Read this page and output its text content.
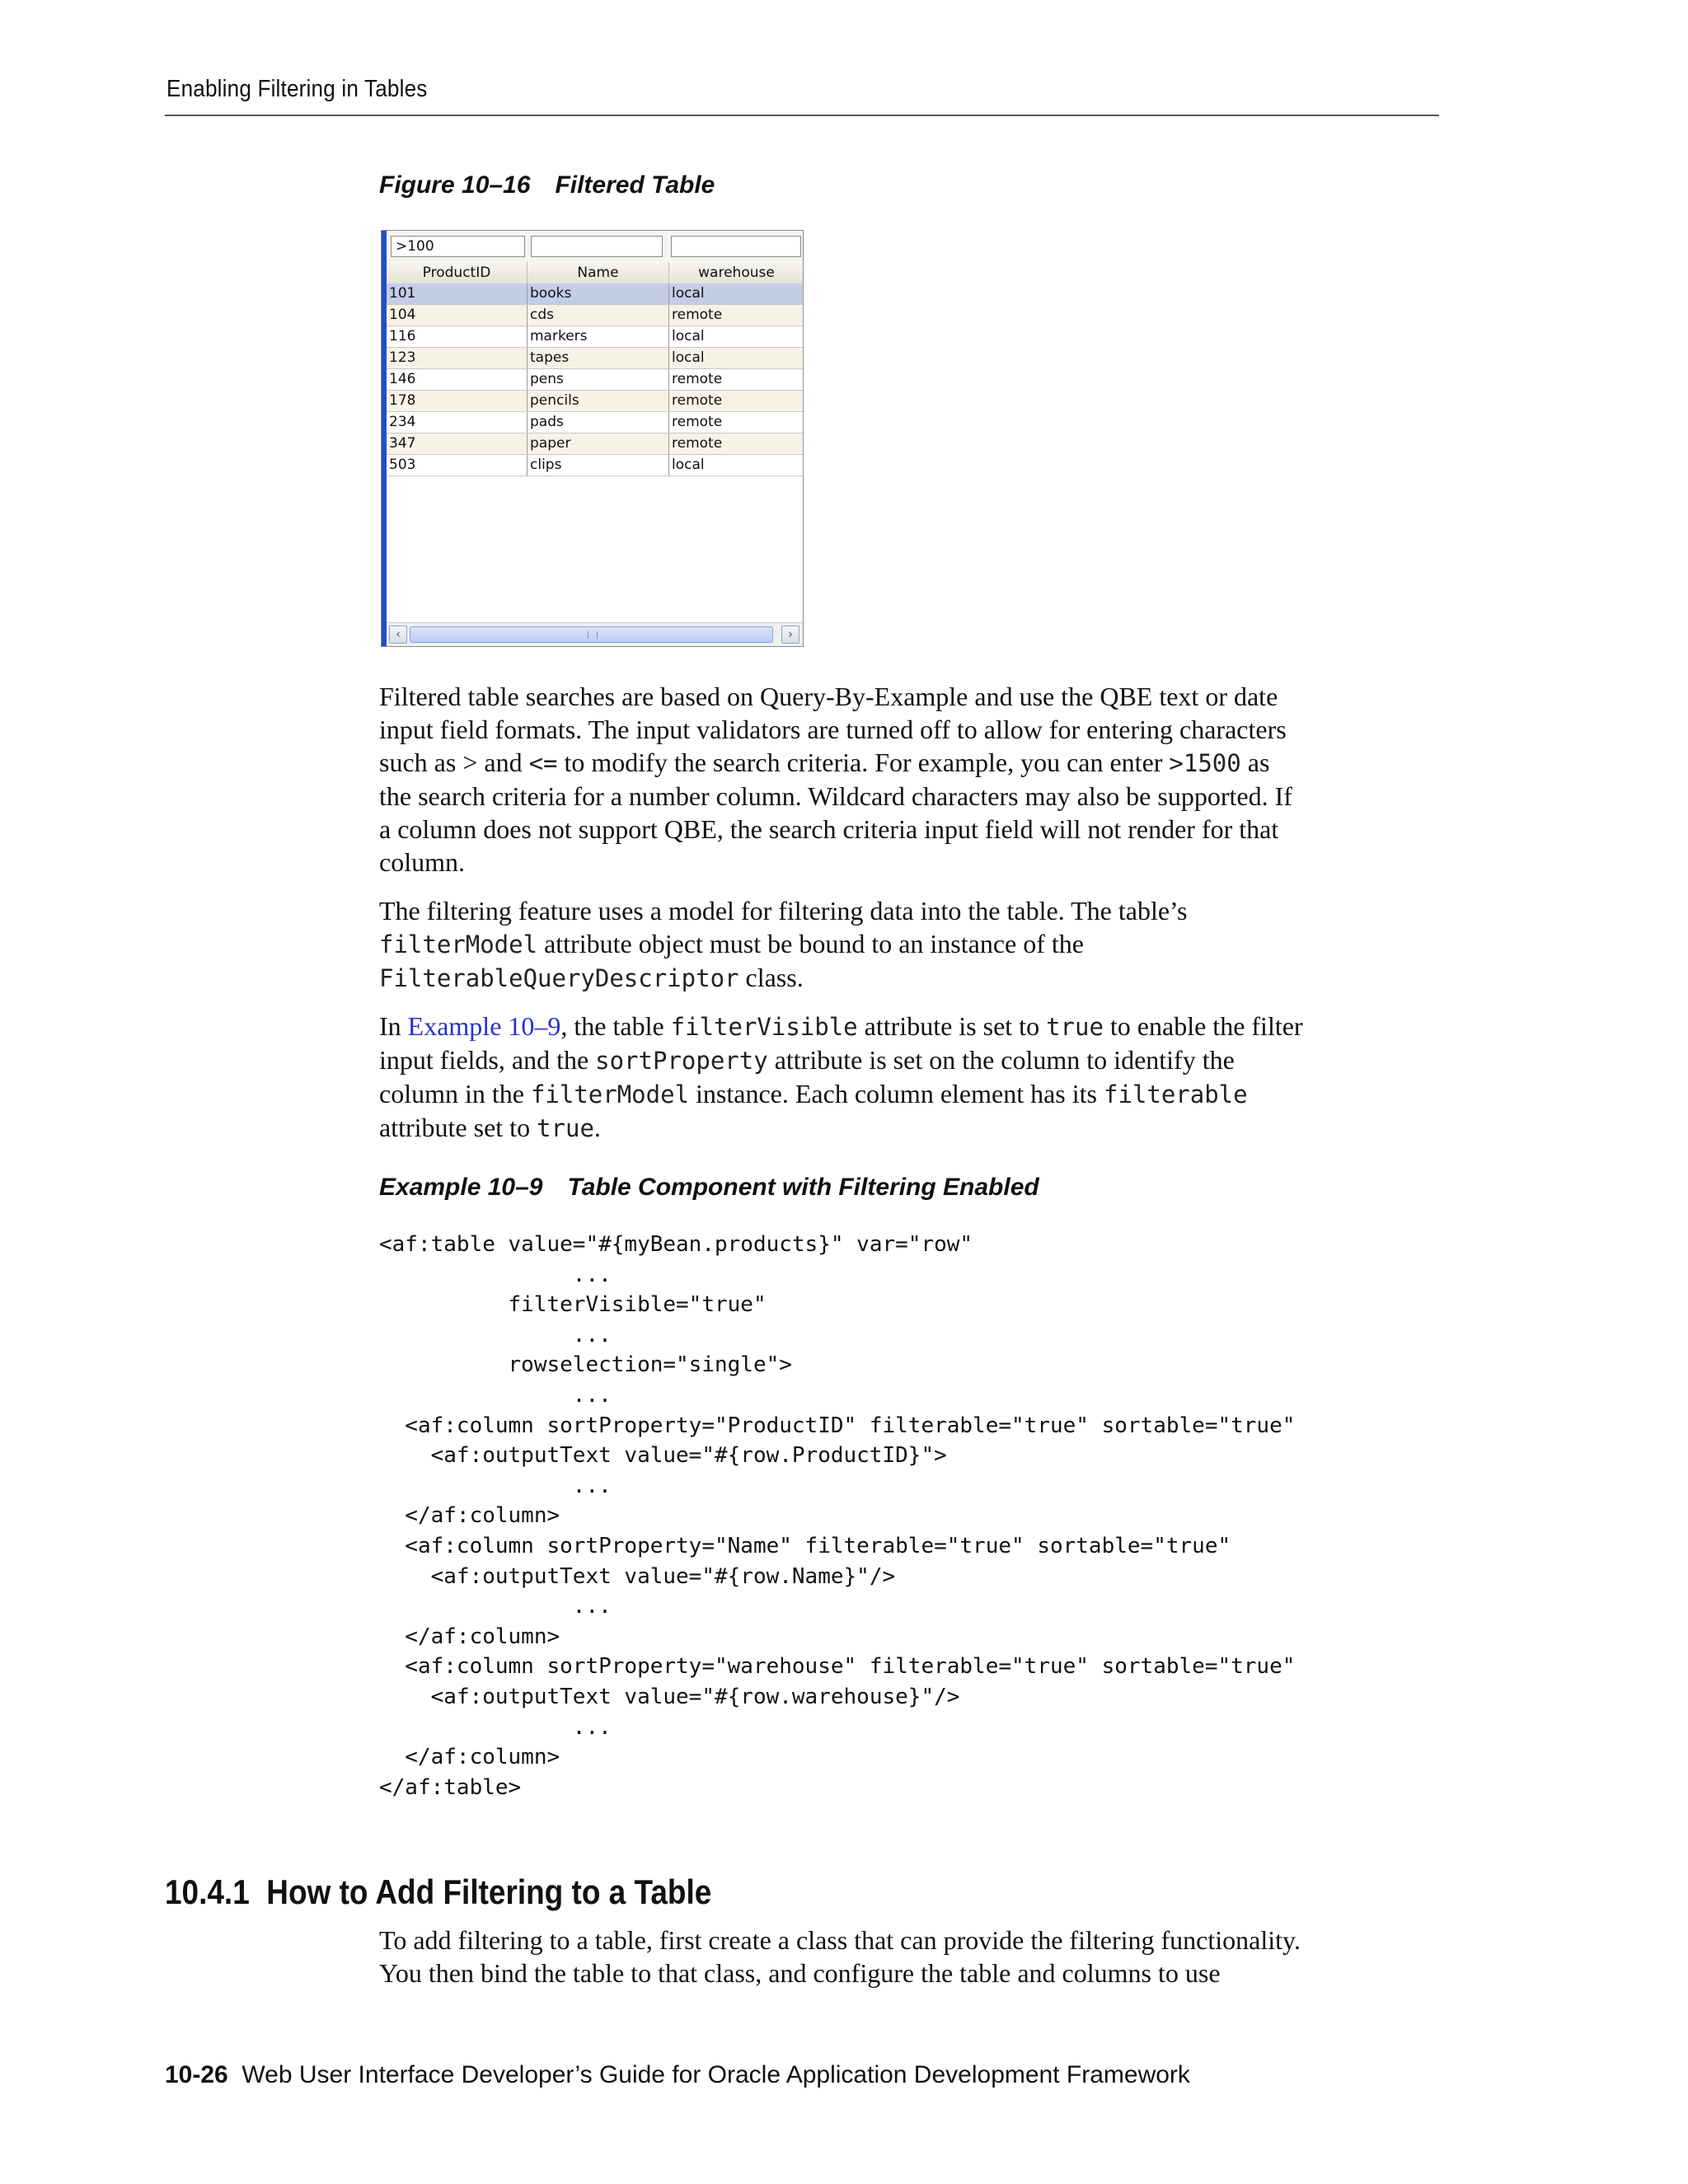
Enabling Filtering in Tables
Figure 10–16 Filtered Table
>100
ProductID	Name	warehouse
101	books	local
104	cds	remote
116	markers	local
123	tapes	local
146	pens	remote
178	pencils	remote
234	pads	remote
347	paper	remote
503	clips	local
‹	›
Filtered table searches are based on Query-By-Example and use the QBE text or date
input field formats. The input validators are turned off to allow for entering characters
such as > and <= to modify the search criteria. For example, you can enter >1500 as
the search criteria for a number column. Wildcard characters may also be supported. If
a column does not support QBE, the search criteria input field will not render for that
column.
The filtering feature uses a model for filtering data into the table. The table’s
filterModel attribute object must be bound to an instance of the
FilterableQueryDescriptor class.
In Example 10–9, the table filterVisible attribute is set to true to enable the filter
input fields, and the sortProperty attribute is set on the column to identify the
column in the filterModel instance. Each column element has its filterable
attribute set to true.
Example 10–9 Table Component with Filtering Enabled
<af:table value="#{myBean.products}" var="row"
...
filterVisible="true"
...
rowselection="single">
...
<af:column sortProperty="ProductID" filterable="true" sortable="true"
<af:outputText value="#{row.ProductID}">
...
</af:column>
<af:column sortProperty="Name" filterable="true" sortable="true"
<af:outputText value="#{row.Name}"/>
...
</af:column>
<af:column sortProperty="warehouse" filterable="true" sortable="true"
<af:outputText value="#{row.warehouse}"/>
...
</af:column>
</af:table>
10.4.1  How to Add Filtering to a Table
To add filtering to a table, first create a class that can provide the filtering functionality.
You then bind the table to that class, and configure the table and columns to use
10-26 Web User Interface Developer’s Guide for Oracle Application Development Framework
